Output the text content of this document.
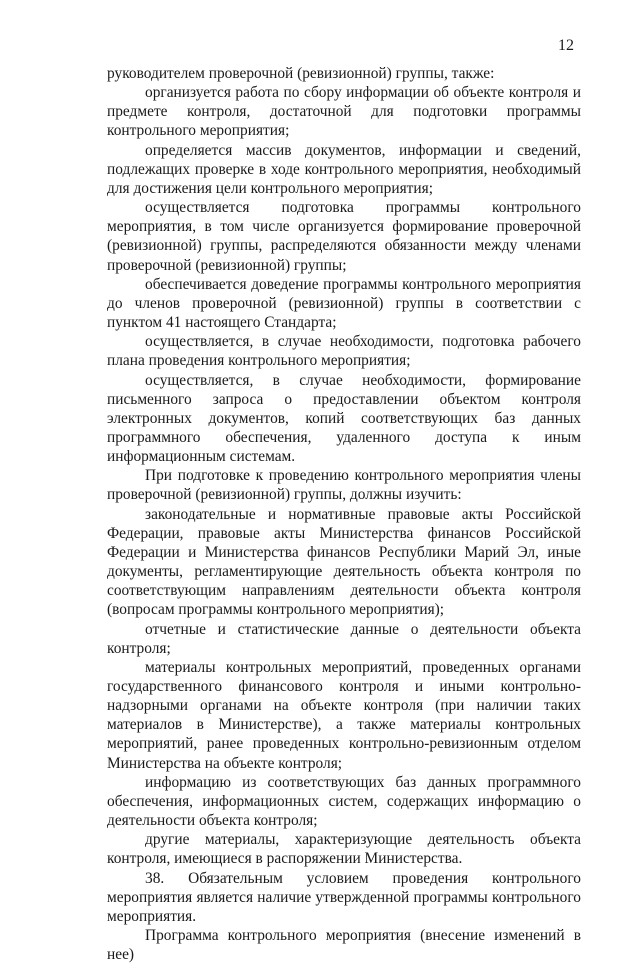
12

руководителем проверочной (ревизионной) группы, также:

организуется работа по сбору информации об объекте контроля и предмете контроля, достаточной для подготовки программы контрольного мероприятия;

определяется массив документов, информации и сведений, подлежащих проверке в ходе контрольного мероприятия, необходимый для достижения цели контрольного мероприятия;

осуществляется подготовка программы контрольного мероприятия, в том числе организуется формирование проверочной (ревизионной) группы, распределяются обязанности между членами проверочной (ревизионной) группы;

обеспечивается доведение программы контрольного мероприятия до членов проверочной (ревизионной) группы в соответствии с пунктом 41 настоящего Стандарта;

осуществляется, в случае необходимости, подготовка рабочего плана проведения контрольного мероприятия;

осуществляется, в случае необходимости, формирование письменного запроса о предоставлении объектом контроля электронных документов, копий соответствующих баз данных программного обеспечения, удаленного доступа к иным информационным системам.

При подготовке к проведению контрольного мероприятия члены проверочной (ревизионной) группы, должны изучить:

законодательные и нормативные правовые акты Российской Федерации, правовые акты Министерства финансов Российской Федерации и Министерства финансов Республики Марий Эл, иные документы, регламентирующие деятельность объекта контроля по соответствующим направлениям деятельности объекта контроля (вопросам программы контрольного мероприятия);

отчетные и статистические данные о деятельности объекта контроля;

материалы контрольных мероприятий, проведенных органами государственного финансового контроля и иными контрольно-надзорными органами на объекте контроля (при наличии таких материалов в Министерстве), а также материалы контрольных мероприятий, ранее проведенных контрольно-ревизионным отделом Министерства на объекте контроля;

информацию из соответствующих баз данных программного обеспечения, информационных систем, содержащих информацию о деятельности объекта контроля;

другие материалы, характеризующие деятельность объекта контроля, имеющиеся в распоряжении Министерства.

38. Обязательным условием проведения контрольного мероприятия является наличие утвержденной программы контрольного мероприятия.

Программа контрольного мероприятия (внесение изменений в нее)
